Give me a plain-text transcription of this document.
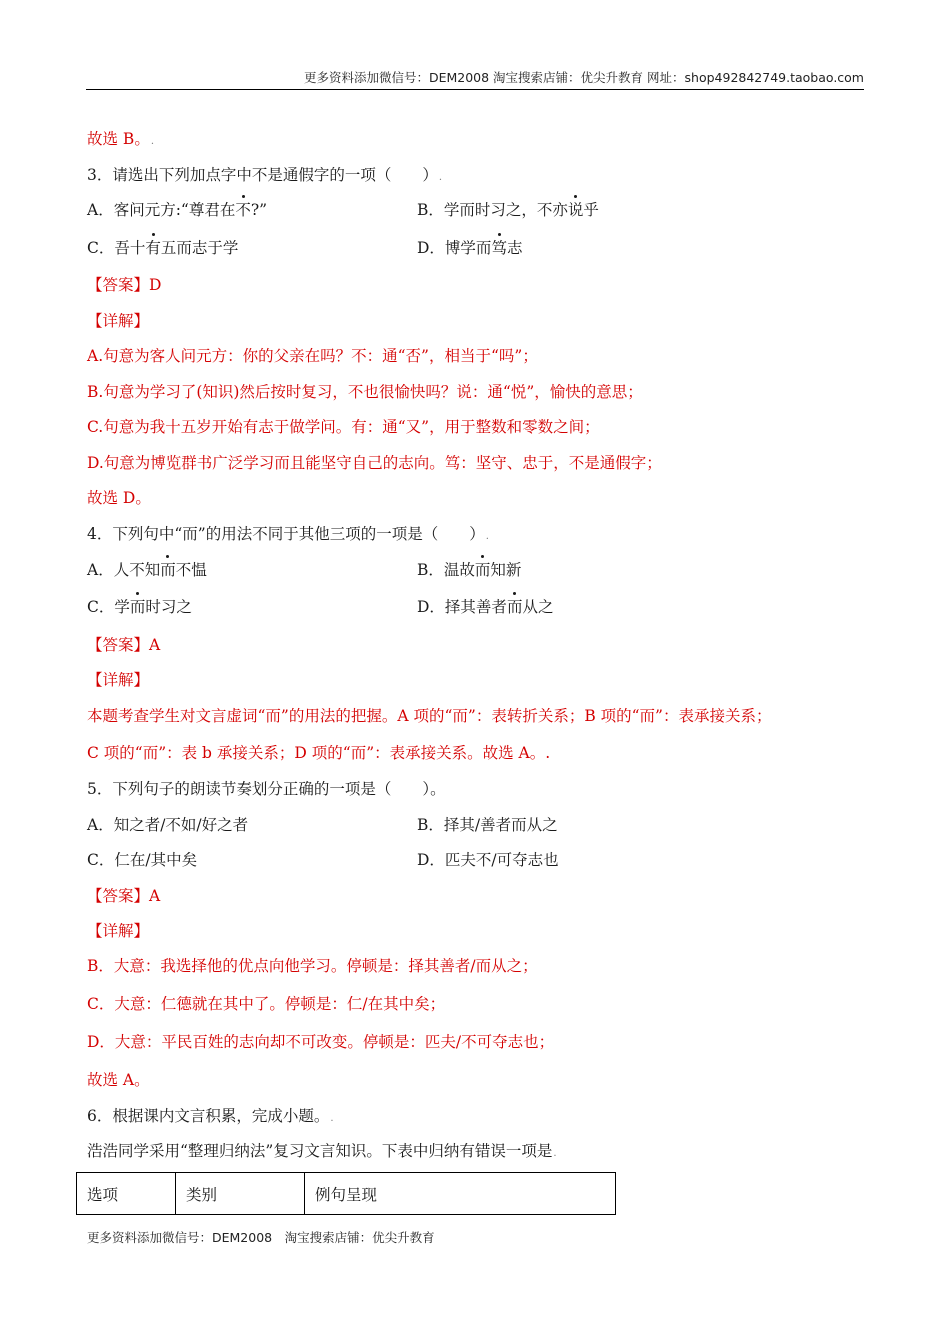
更多资料添加微信号：DEM2008 淘宝搜索店铺：优尖升教育 网址：shop492842749.taobao.com
故选 B。.
3．请选出下列加点字中不是通假字的一项（　　）.
A．客问元方:“尊君在不?”	B．学而时习之，不亦说乎
C．吾十有五而志于学	D．博学而笃志
【答案】D
【详解】
A.句意为客人问元方：你的父亲在吗？不：通“否”，相当于“吗”；
B.句意为学习了(知识)然后按时复习，不也很愉快吗？说：通“悦”，愉快的意思；
C.句意为我十五岁开始有志于做学问。有：通“又”，用于整数和零数之间；
D.句意为博览群书广泛学习而且能坚守自己的志向。笃：坚守、忠于，不是通假字；
故选 D。
4．下列句中“而”的用法不同于其他三项的一项是（　　）.
A．人不知而不愠	B．温故而知新
C．学而时习之	D．择其善者而从之
【答案】A
【详解】
本题考查学生对文言虚词“而”的用法的把握。A 项的“而”：表转折关系；B 项的“而”：表承接关系；
C 项的“而”：表 b 承接关系；D 项的“而”：表承接关系。故选 A。.
5．下列句子的朗读节奏划分正确的一项是（　　）。
A．知之者/不如/好之者	B．择其/善者而从之
C．仁在/其中矣	D．匹夫不/可夺志也
【答案】A
【详解】
B．大意：我选择他的优点向他学习。停顿是：择其善者/而从之；
C．大意：仁德就在其中了。停顿是：仁/在其中矣；
D．大意：平民百姓的志向却不可改变。停顿是：匹夫/不可夺志也；
故选 A。
6．根据课内文言积累，完成小题。.
浩浩同学采用“整理归纳法”复习文言知识。下表中归纳有错误一项是.
选项	类别	例句呈现
更多资料添加微信号：DEM2008　淘宝搜索店铺：优尖升教育
